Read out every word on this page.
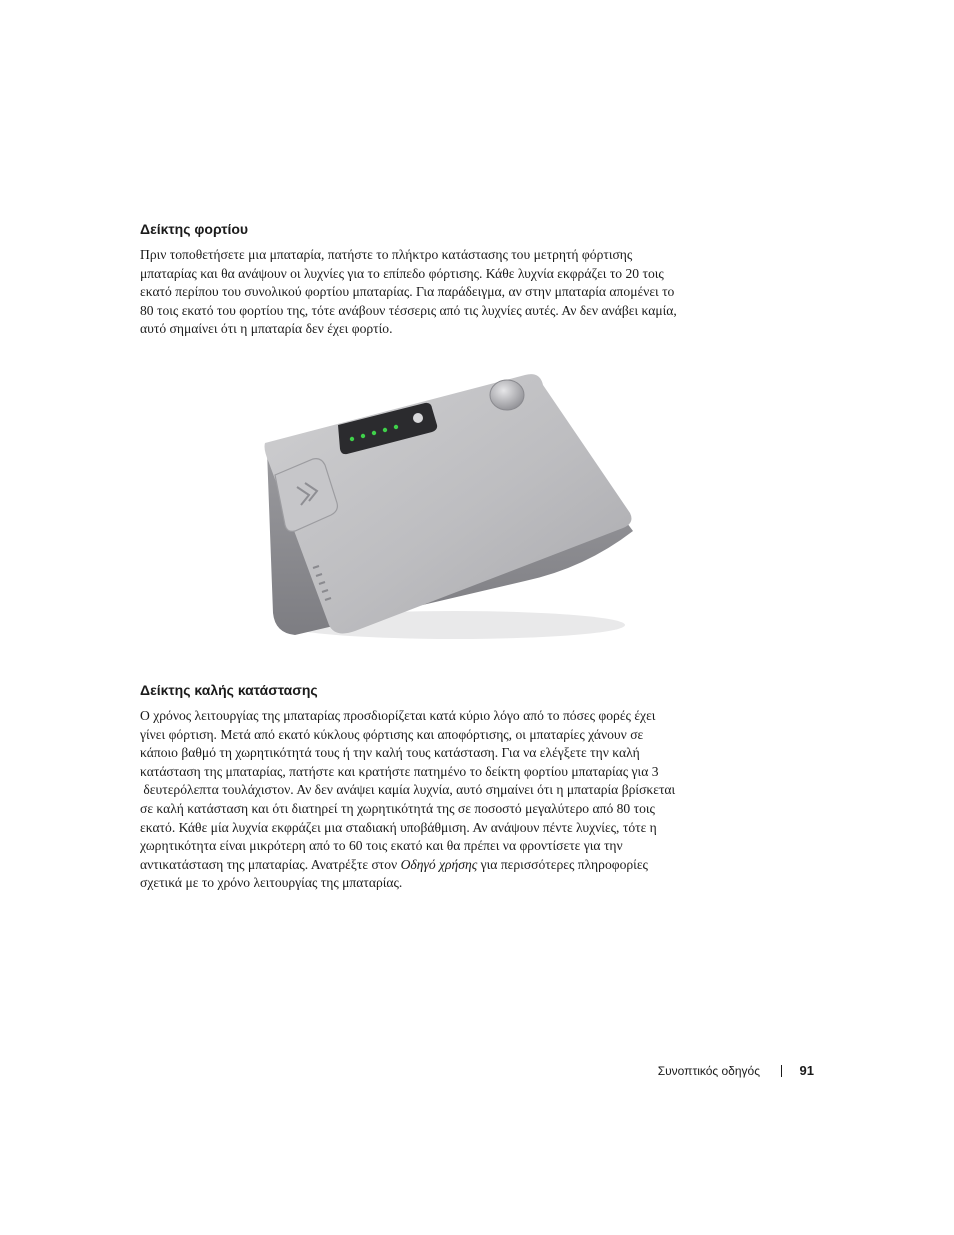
Δείκτης φορτίου

Πριν τοποθετήσετε μια μπαταρία, πατήστε το πλήκτρο κατάστασης του μετρητή φόρτισης
μπαταρίας και θα ανάψουν οι λυχνίες για το επίπεδο φόρτισης. Κάθε λυχνία εκφράζει το 20 τοις
εκατό περίπου του συνολικού φορτίου μπαταρίας. Για παράδειγμα, αν στην μπαταρία απομένει το
80 τοις εκατό του φορτίου της, τότε ανάβουν τέσσερις από τις λυχνίες αυτές. Αν δεν ανάβει καμία,
αυτό σημαίνει ότι η μπαταρία δεν έχει φορτίο.

Δείκτης καλής κατάστασης

Ο χρόνος λειτουργίας της μπαταρίας προσδιορίζεται κατά κύριο λόγο από το πόσες φορές έχει
γίνει φόρτιση. Μετά από εκατό κύκλους φόρτισης και αποφόρτισης, οι μπαταρίες χάνουν σε
κάποιο βαθμό τη χωρητικότητά τους ή την καλή τους κατάσταση. Για να ελέγξετε την καλή
κατάσταση της μπαταρίας, πατήστε και κρατήστε πατημένο το δείκτη φορτίου μπαταρίας για 3
δευτερόλεπτα τουλάχιστον. Αν δεν ανάψει καμία λυχνία, αυτό σημαίνει ότι η μπαταρία βρίσκεται
σε καλή κατάσταση και ότι διατηρεί τη χωρητικότητά της σε ποσοστό μεγαλύτερο από 80 τοις
εκατό. Κάθε μία λυχνία εκφράζει μια σταδιακή υποβάθμιση. Αν ανάψουν πέντε λυχνίες, τότε η
χωρητικότητα είναι μικρότερη από το 60 τοις εκατό και θα πρέπει να φροντίσετε για την
αντικατάσταση της μπαταρίας. Ανατρέξτε στον Οδηγό χρήσης για περισσότερες πληροφορίες
σχετικά με το χρόνο λειτουργίας της μπαταρίας.

Συνοπτικός οδηγός	91
